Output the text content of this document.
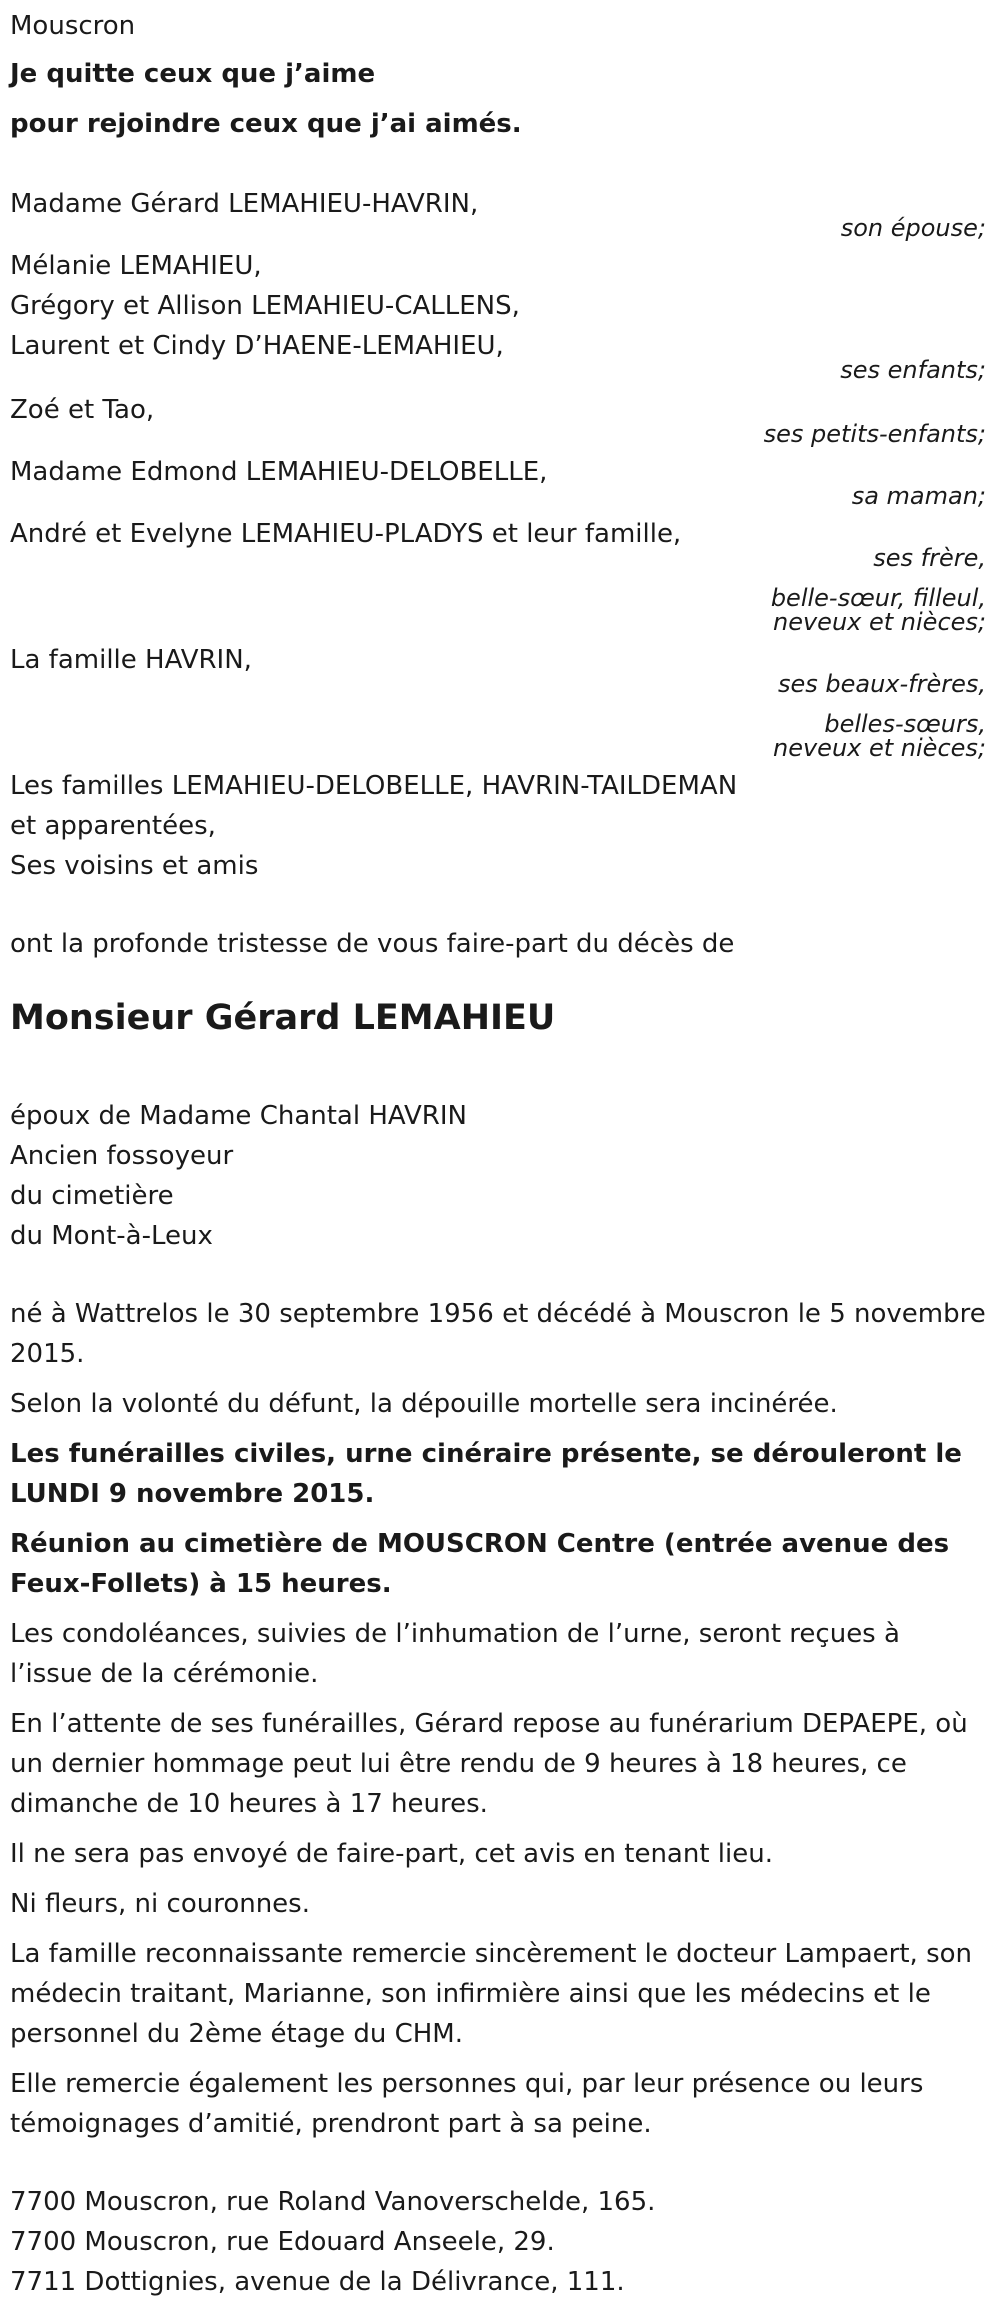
Mouscron

Je quitte ceux que j’aime

pour rejoindre ceux que j’ai aimés.

Madame Gérard LEMAHIEU-HAVRIN,

son épouse;

Mélanie LEMAHIEU,

Grégory et Allison LEMAHIEU-CALLENS,

Laurent et Cindy D’HAENE-LEMAHIEU,

ses enfants;

Zoé et Tao,

ses petits-enfants;

Madame Edmond LEMAHIEU-DELOBELLE,

sa maman;

André et Evelyne LEMAHIEU-PLADYS et leur famille,

ses frère,

belle-sœur, filleul,

neveux et nièces;

La famille HAVRIN,

ses beaux-frères,

belles-sœurs,

neveux et nièces;

Les familles LEMAHIEU-DELOBELLE, HAVRIN-TAILDEMAN

et apparentées,

Ses voisins et amis

ont la profonde tristesse de vous faire-part du décès de

Monsieur Gérard LEMAHIEU

époux de Madame Chantal HAVRIN

Ancien fossoyeur

du cimetière

du Mont-à-Leux

né à Wattrelos le 30 septembre 1956 et décédé à Mouscron le 5 novembre 2015.

Selon la volonté du défunt, la dépouille mortelle sera incinérée.

Les funérailles civiles, urne cinéraire présente, se dérouleront le LUNDI 9 novembre 2015.

Réunion au cimetière de MOUSCRON Centre (entrée avenue des Feux-Follets) à 15 heures.

Les condoléances, suivies de l’inhumation de l’urne, seront reçues à l’issue de la cérémonie.

En l’attente de ses funérailles, Gérard repose au funérarium DEPAEPE, où un dernier hommage peut lui être rendu de 9 heures à 18 heures, ce dimanche de 10 heures à 17 heures.

Il ne sera pas envoyé de faire-part, cet avis en tenant lieu.

Ni fleurs, ni couronnes.

La famille reconnaissante remercie sincèrement le docteur Lampaert, son médecin traitant, Marianne, son infirmière ainsi que les médecins et le personnel du 2ème étage du CHM.

Elle remercie également les personnes qui, par leur présence ou leurs témoignages d’amitié, prendront part à sa peine.

7700 Mouscron, rue Roland Vanoverschelde, 165.

7700 Mouscron, rue Edouard Anseele, 29.

7711 Dottignies, avenue de la Délivrance, 111.
